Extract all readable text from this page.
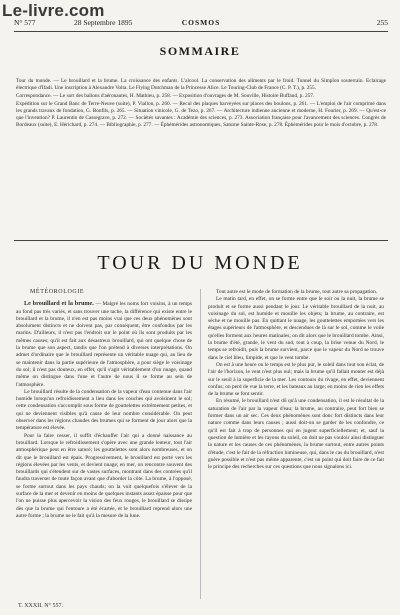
Le-livre.com
N° 577	28 Septembre 1895	COSMOS	255
SOMMAIRE

Tour du monde. — Le brouillard et la brume. La croissance des enfants. L'alcool. La conservation des aliments par le froid. Tunnel du Simplon souterrain. Eclairage électrique d'Ifadi. Une inscription à Alexandre Volta. Le Flying Dutchman de la Princesse Alice. Le Touring-Club de France (C. P. T.), p. 255.

Correspondance. — Le sort des ballons d'aéronautes, H. Mathieu, p. 258. — Exposition d'ouvrages de M. Souville, Histoire Buffaud, p. 257.

Expédition sur le Grand Banc de Terre-Neuve (suite), P. Viallon, p. 260. — Recul des plaques harveyées sur places des boulons, p. 261. — L'emploi de l'air comprimé dans les grands travaux de fondation, G. Bonfils, p. 265. — Situation vinicole, G. de Tezo, p. 267. — Architecture indienne ancienne et moderne, H. Fourier, p. 269. — Qu'est-ce que l'invention? P. Laurentin de Cassegrave, p. 272. — Sociétés savantes : Académie des sciences, p. 273. Association française pour l'avancement des sciences. Congrès de Bordeaux (suite), E. Hérichard, p. 274. — Bibliographie, p. 277. — Éphémérides astronomiques, Saturne Sainte-Rose, p. 278. Éphémérides pour le mois d'octobre, p. 278.

TOUR DU MONDE

MÉTÉOROLOGIE

Le brouillard et la brume. — Malgré les noms fort voisins, à un temps au fond pas très variés, et sans trouver une tache, la différence qui existe entre le brouillard et la brume, il n'en est pas moins vrai que ces deux phénomènes sont absolument distincts et ne doivent pas, par conséquent, être confondus par les marins. D'ailleurs, il n'est pas l'endroit sur le point où ils sont produits par les mêmes causes; qu'il est fait aux désastreux brouillard, qui ont quelque chose de la brume que son aspect, tandis que l'on prétend à diverses interprétations. On admet d'ordinaire que le brouillard représente un véritable nuage qui, au lieu de se maintenir dans la partie supérieure de l'atmosphère, a pour siège le voisinage du sol; il n'est pas douteux, en effet, qu'il s'agit véritablement d'un nuage, quand même on distingue dans l'une et l'autre de nous il se forme au sein de l'atmosphère.

Le brouillard résulte de la condensation de la vapeur d'eau contenue dans l'air humide lorsqu'un refroidissement a lieu dans les couches qui avoisinent le sol; cette condensation s'accomplit sous forme de gouttelettes extrêmement petites, et qui ne deviennent visibles qu'à cause de leur nombre considérable. On peut observer dans les régions chaudes des brumes qui se forment de jour alors que la température est élevée.

Pour la faire cesser, il suffit d'échauffer l'air qui a donné naissance au brouillard. Lorsque le refroidissement s'opère avec une grande lenteur, tout l'air atmosphérique peut en être saturé; les gouttelettes sont alors nombreuses, et on dit que le brouillard est épais. Progressivement, le brouillard est porté vers les régions élevées par les vents, et devient nuage; en mer, on rencontre souvent des brouillards qui s'étendent sur de vastes surfaces, montrant dans des contrées qu'il faudra traverser de toute façon avant que d'aborder la côte. La brume, à l'opposé, se forme surtout dans les pays chauds; on la voit quelquefois s'élever de la surface de la mer et devenir en moins de quelques instants assez épaisse pour que l'on ne puisse plus apercevoir la vision des feux rouges, le brouillard se dissipe dès que la brume qui l'entoure a été écartée, et le brouillard reprend alors une autre forme ; la brume ne le fait qu'à la mesure de la lune.

Tout autre est le mode de formation de la brume, tout autre sa propagation.

Le matin tard, en effet, on se forme entre que le soir ou la nuit, la brume se produit et se forme aussi pendant le jour. Le véritable brouillard de la nuit, au voisinage du sol, est humide et mouille les objets; la brume, au contraire, est sèche et ne mouille pas. En quittant le nuage, les gouttelettes emportées vers les étages supérieurs de l'atmosphère, et descendues de là sur le sol, comme le voile qu'elles forment aux heures matinales; on dit alors que le brouillard tombe. Ainsi, la brume d'été, grande, le vent du sud, tout à coup, la brise venue du Nord, le temps se refroidit, puis la brume survient, parce que le vapeur du Nord se trouve dans le ciel bleu, limpide, et que le vent tombe.

On est à une heure ou le temps est le plus pur, le soleil dans tout son éclat, de l'air de l'horizon, le vent n'est plus nul; mais la brume qu'il fallait monter est déjà sur le seuil à la superficie de la mer. Les contours du rivage, en effet, deviennent confus; on perd de vue la terre, et les bateaux au large; en moins de rien les effets de la brume se font sentir.

En résumé, le brouillard n'est dû qu'à une condensation, il est le résultat de la saturation de l'air par la vapeur d'eau; la brume, au contraire, peut fort bien se former dans un air sec. Ces deux phénomènes sont donc fort distincts dans leur nature comme dans leurs causes ; aussi doit-on se garder de les confondre, ce qu'il est fait à trop de personnes qui en jugent superficiellement; et, sauf la question de lumière et les rayons du soleil, on doit ne pas vouloir ainsi distinguer la nature et les causes de ces phénomènes, la brume surtout, entre autres points d'étude, c'est le fait de la réfraction lumineuse, qui, dans le cas du brouillard, n'est guère possible et n'est pas même apparente, c'est un point qui doit faire de ce fait le principe des recherches sur ces questions que nous signalons ici.

T. XXXII. N° 557.
